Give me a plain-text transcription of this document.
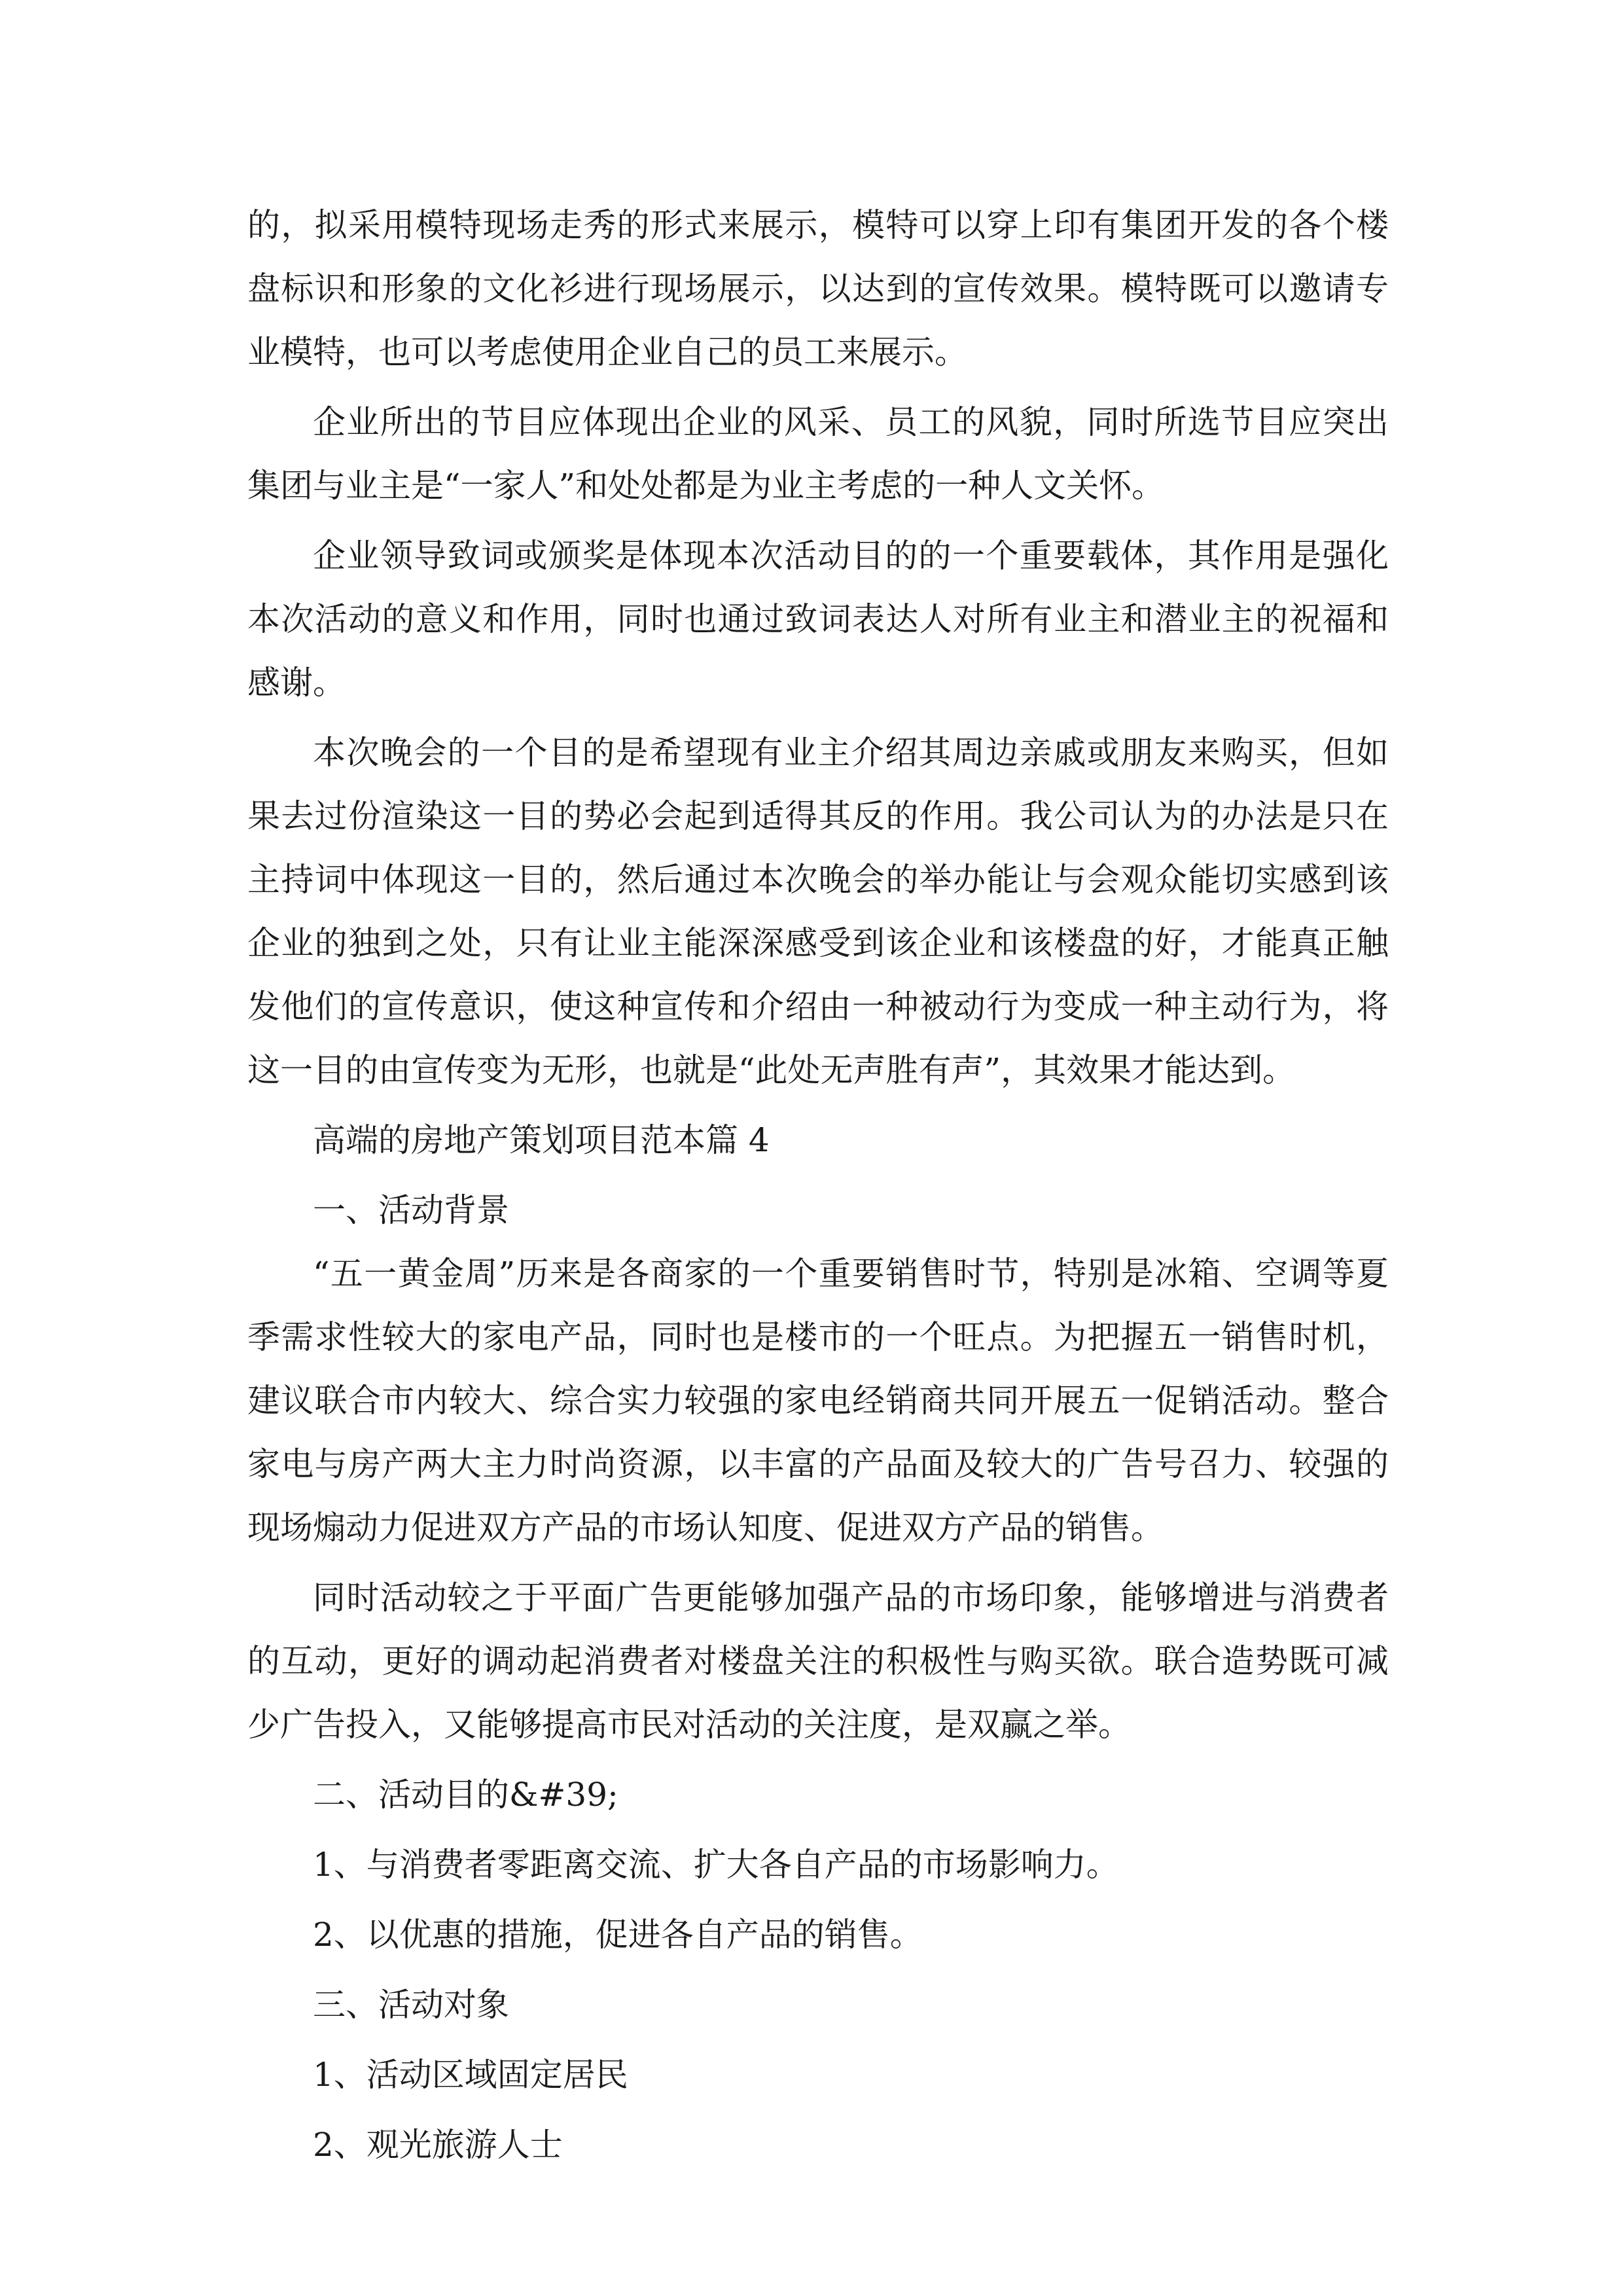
的，拟采用模特现场走秀的形式来展示，模特可以穿上印有集团开发的各个楼盘标识和形象的文化衫进行现场展示，以达到的宣传效果。模特既可以邀请专业模特，也可以考虑使用企业自己的员工来展示。

企业所出的节目应体现出企业的风采、员工的风貌，同时所选节目应突出集团与业主是“一家人”和处处都是为业主考虑的一种人文关怀。

企业领导致词或颁奖是体现本次活动目的的一个重要载体，其作用是强化本次活动的意义和作用，同时也通过致词表达人对所有业主和潜业主的祝福和感谢。

本次晚会的一个目的是希望现有业主介绍其周边亲戚或朋友来购买，但如果去过份渲染这一目的势必会起到适得其反的作用。我公司认为的办法是只在主持词中体现这一目的，然后通过本次晚会的举办能让与会观众能切实感到该企业的独到之处，只有让业主能深深感受到该企业和该楼盘的好，才能真正触发他们的宣传意识，使这种宣传和介绍由一种被动行为变成一种主动行为，将这一目的由宣传变为无形，也就是“此处无声胜有声”，其效果才能达到。

高端的房地产策划项目范本篇 4

一、活动背景

“五一黄金周”历来是各商家的一个重要销售时节，特别是冰箱、空调等夏季需求性较大的家电产品，同时也是楼市的一个旺点。为把握五一销售时机，建议联合市内较大、综合实力较强的家电经销商共同开展五一促销活动。整合家电与房产两大主力时尚资源，以丰富的产品面及较大的广告号召力、较强的现场煽动力促进双方产品的市场认知度、促进双方产品的销售。

同时活动较之于平面广告更能够加强产品的市场印象，能够增进与消费者的互动，更好的调动起消费者对楼盘关注的积极性与购买欲。联合造势既可减少广告投入，又能够提高市民对活动的关注度，是双赢之举。

二、活动目的&#39;

1、与消费者零距离交流、扩大各自产品的市场影响力。

2、以优惠的措施，促进各自产品的销售。

三、活动对象

1、活动区域固定居民

2、观光旅游人士
